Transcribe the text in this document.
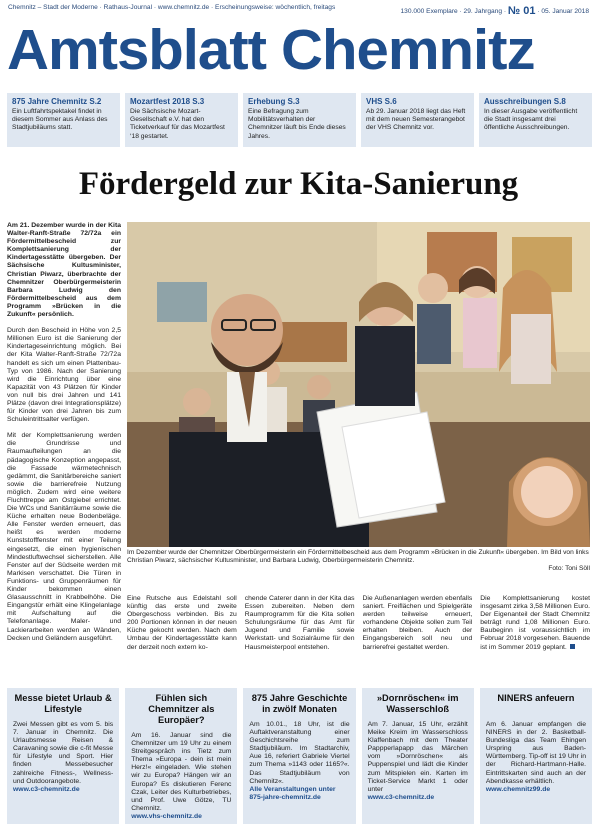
Chemnitz – Stadt der Moderne · Rathaus-Journal · www.chemnitz.de · Erscheinungsweise: wöchentlich, freitags
130.000 Exemplare · 29. Jahrgang · № 01 · 05. Januar 2018
Amtsblatt Chemnitz
875 Jahre Chemnitz S.2
Ein Luftfahrtspektakel findet in diesem Sommer aus Anlass des Stadtjubiläums statt.
Mozartfest 2018 S.3
Die Sächsische Mozart-Gesellschaft e.V. hat den Ticketverkauf für das Mozartfest ‘18 gestartet.
Erhebung S.3
Eine Befragung zum Mobilitätsverhalten der Chemnitzer läuft bis Ende dieses Jahres.
VHS S.6
Ab 29. Januar 2018 liegt das Heft mit dem neuen Semesterangebot der VHS Chemnitz vor.
Ausschreibungen S.8
In dieser Ausgabe veröffentlicht die Stadt insgesamt drei öffentliche Ausschreibungen.
Fördergeld zur Kita-Sanierung

Am 21. Dezember wurde in der Kita Walter-Ranft-Straße 72/72a ein Fördermittelbescheid zur Komplettsanierung der Kindertagesstätte übergeben. Der Sächsische Kultusminister, Christian Piwarz, überbrachte der Chemnitzer Oberbürgermeisterin Barbara Ludwig den Fördermittelbescheid aus dem Programm »Brücken in die Zukunft« persönlich.

Durch den Bescheid in Höhe von 2,5 Millionen Euro ist die Sanierung der Kindertageseinrichtung möglich. Bei der Kita Walter-Ranft-Straße 72/72a handelt es sich um einen Plattenbau-Typ von 1986. Nach der Sanierung wird die Einrichtung über eine Kapazität von 43 Plätzen für Kinder von null bis drei Jahren und 141 Plätze (davon drei Integrationsplätze) für Kinder von drei Jahren bis zum Schuleintrittsalter verfügen.

Mit der Komplettsanierung werden die Grundrisse und Raumaufteilungen an die pädagogische Konzeption angepasst, die Fassade wärmetechnisch gedämmt, die Sanitärbereiche saniert sowie die barrierefreie Nutzung möglich. Zudem wird eine weitere Fluchttreppe am Ostgiebel errichtet. Die WCs und Sanitärräume sowie die Küche erhalten neue Bodenbeläge. Alle Fenster werden erneuert, das heißt es werden moderne Kunststofffenster mit einer Teilung eingesetzt, die einen hygienischen Mindestluftwechsel sicherstellen. Alle Fenster auf der Südseite werden mit Markisen verschattet. Die Türen in Funktions- und Gruppenräumen für Kinder bekommen einen Glasausschnitt in Krabbelhöhe. Die Eingangstür erhält eine Klingelanlage mit Aufschaltung auf die Telefonanlage. Maler- und Lackierarbeiten werden an Wänden, Decken und Geländern ausgeführt.

Im Dezember wurde der Chemnitzer Oberbürgermeisterin ein Fördermittelbescheid aus dem Programm »Brücken in die Zukunft« übergeben. Im Bild von links Christian Piwarz, sächsischer Kultusminister, und Barbara Ludwig, Oberbürgermeisterin Chemnitz.
Foto: Toni Söll
Eine Rutsche aus Edelstahl soll künftig das erste und zweite Obergeschoss verbinden. Bis zu 200 Portionen können in der neuen Küche gekocht werden. Nach dem Umbau der Kindertagesstätte kann der derzeit noch extern ko-
chende Caterer dann in der Kita das Essen zubereiten. Neben dem Raumprogramm für die Kita sollen Schulungsräume für das Amt für Jugend und Familie sowie Werkstatt- und Sozialräume für den Hausmeisterpool entstehen.
Die Außenanlagen werden ebenfalls saniert. Freiflächen und Spielgeräte werden teilweise erneuert, vorhandene Objekte sollen zum Teil erhalten bleiben. Auch der Eingangsbereich soll neu und barrierefrei gestaltet werden.
Die Komplettsanierung kostet insgesamt zirka 3,58 Millionen Euro. Der Eigenanteil der Stadt Chemnitz beträgt rund 1,08 Millionen Euro. Baubeginn ist voraussichtlich im Februar 2018 vorgesehen. Bauende ist im Sommer 2019 geplant.
Messe bietet Urlaub & Lifestyle
Zwei Messen gibt es vom 5. bis 7. Januar in Chemnitz. Die Urlaubsmesse Reisen & Caravaning sowie die c-fit Messe für Lifestyle und Sport. Hier finden Messebesucher zahlreiche Fitness-, Wellness- und Outdoorangebote.
www.c3-chemnitz.de
Fühlen sich Chemnitzer als Europäer?
Am 16. Januar sind die Chemnitzer um 19 Uhr zu einem Streitgespräch ins Tietz zum Thema »Europa - dein ist mein Herz!« eingeladen. Wie stehen wir zu Europa? Hängen wir an Europa? Es diskutieren Ferenc Czak, Leiter des Kulturbetriebes, und Prof. Uwe Götze, TU Chemnitz.
www.vhs-chemnitz.de
875 Jahre Geschichte in zwölf Monaten
Am 10.01., 18 Uhr, ist die Auftaktveranstaltung einer Geschichtsreihe zum Stadtjubiläum. Im Stadtarchiv, Aue 16, referiert Gabriele Viertel zum Thema »1143 oder 1165?«. Das Stadtjubiläum von Chemnitz«.
Alle Veranstaltungen unter 875-jahre-chemnitz.de
»Dornröschen« im Wasserschloß
Am 7. Januar, 15 Uhr, erzählt Meike Kreim im Wasserschloss Klaffenbach mit dem Theater Pappperlapapp das Märchen vom »Dornröschen« als Puppenspiel und lädt die Kinder zum Mitspielen ein. Karten im Ticket-Service Markt 1 oder unter
www.c3-chemnitz.de
NINERS anfeuern
Am 6. Januar empfangen die NINERS in der 2. Basketball-Bundesliga das Team Ehingen Urspring aus Baden-Württemberg. Tip-off ist 19 Uhr in der Richard-Hartmann-Halle. Eintrittskarten sind auch an der Abendkasse erhältlich.
www.chemnitz99.de
